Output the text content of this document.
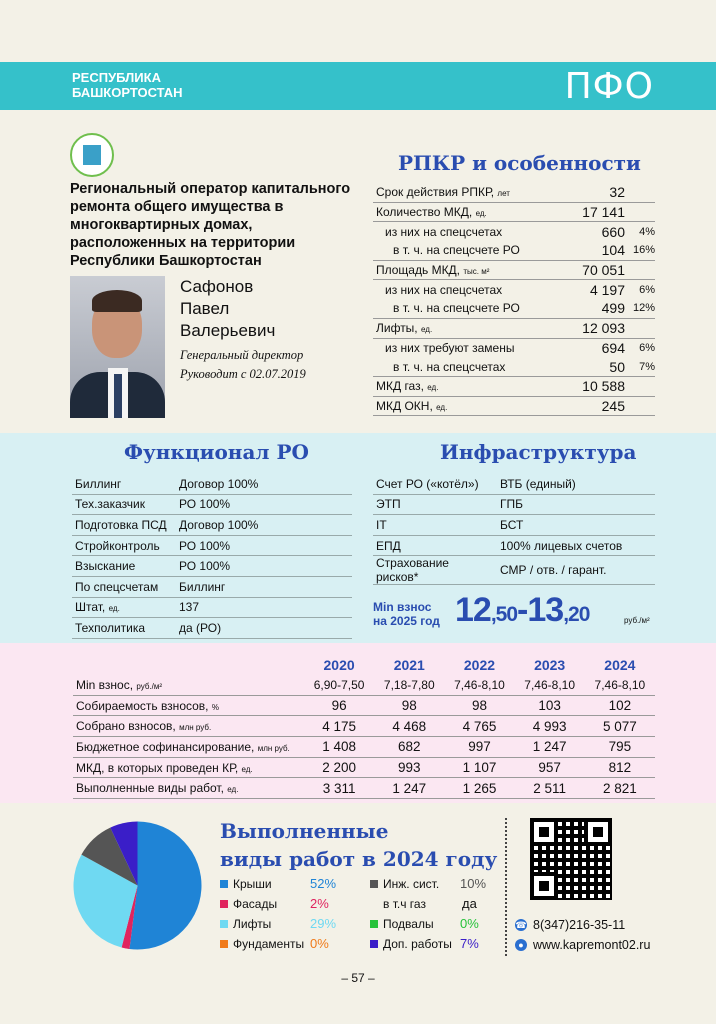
РЕСПУБЛИКА
БАШКОРТОСТАН	ПФО
Региональный оператор капитального ремонта общего имущества в многоквартирных домах, расположенных на территории Республики Башкортостан
Сафонов
Павел
Валерьевич
Генеральный директор
Руководит с 02.07.2019
РПКР и особенности
Срок действия РПКР, лет	32	
Количество МКД, ед.	17 141	
из них на спецсчетах	660	4%
в т. ч. на спецсчете РО	104	16%
Площадь МКД, тыс. м²	70 051	
из них на спецсчетах	4 197	6%
в т. ч. на спецсчете РО	499	12%
Лифты, ед.	12 093	
из них требуют замены	694	6%
в т. ч. на спецсчетах	50	7%
МКД газ, ед.	10 588	
МКД ОКН, ед.	245	
Функционал РО
Биллинг	Договор 100%
Тех.заказчик	РО 100%
Подготовка ПСД	Договор 100%
Стройконтроль	РО 100%
Взыскание	РО 100%
По спецсчетам	Биллинг
Штат, ед.	137
Техполитика	да (РО)
Инфраструктура
Счет РО («котёл»)	ВТБ (единый)
ЭТП	ГПБ
IT	БСТ
ЕПД	100% лицевых счетов
Страхование рисков*	СМР / отв. / гарант.
Min взнос
на 2025 год 12,50-13,20	руб./м²
	2020	2021	2022	2023	2024
Min взнос, руб./м²	6,90-7,50	7,18-7,80	7,46-8,10	7,46-8,10	7,46-8,10
Собираемость взносов, %	96	98	98	103	102
Собрано взносов, млн руб.	4 175	4 468	4 765	4 993	5 077
Бюджетное софинансирование, млн руб.	1 408	682	997	1 247	795
МКД, в которых проведен КР, ед.	2 200	993	1 107	957	812
Выполненные виды работ, ед.	3 311	1 247	1 265	2 511	2 821
Выполненные
виды работ в 2024 году
Крыши	52%
Фасады	2%
Лифты	29%
Фундаменты 0%
Инж. сист. 10%
в т.ч газ	да
Подвалы 0%
Доп. работы 7%
☎ 8(347)216-35-11
● www.kapremont02.ru
– 57 –
